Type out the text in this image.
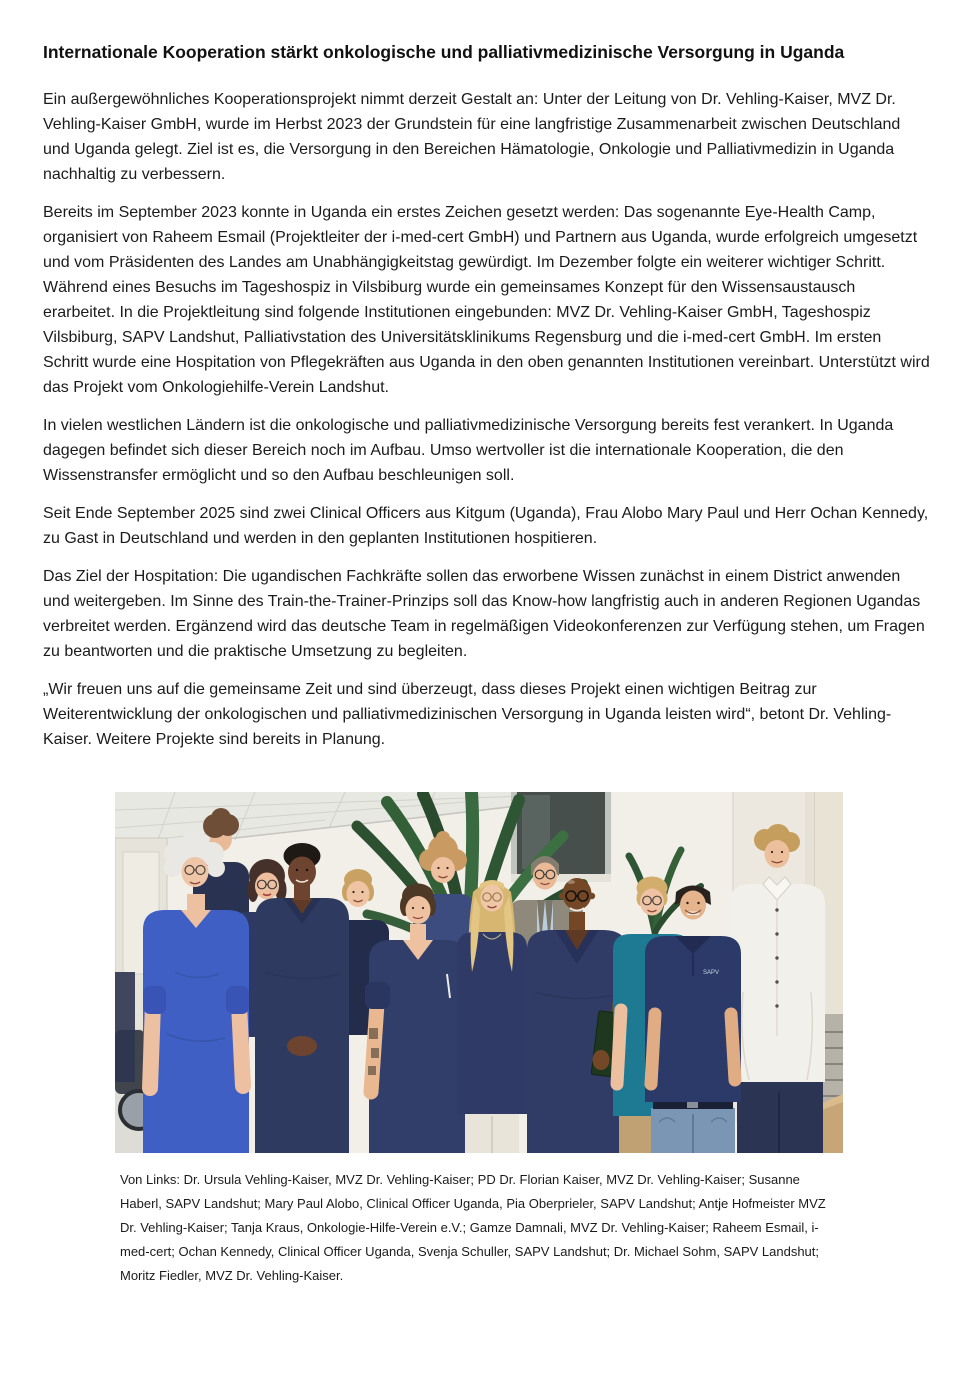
Internationale Kooperation stärkt onkologische und palliativmedizinische Versorgung in Uganda

Ein außergewöhnliches Kooperationsprojekt nimmt derzeit Gestalt an: Unter der Leitung von Dr. Vehling-Kaiser, MVZ Dr. Vehling-Kaiser GmbH, wurde im Herbst 2023 der Grundstein für eine langfristige Zusammenarbeit zwischen Deutschland und Uganda gelegt. Ziel ist es, die Versorgung in den Bereichen Hämatologie, Onkologie und Palliativmedizin in Uganda nachhaltig zu verbessern.

Bereits im September 2023 konnte in Uganda ein erstes Zeichen gesetzt werden: Das sogenannte Eye-Health Camp, organisiert von Raheem Esmail (Projektleiter der i-med-cert GmbH) und Partnern aus Uganda, wurde erfolgreich umgesetzt und vom Präsidenten des Landes am Unabhängigkeitstag gewürdigt. Im Dezember folgte ein weiterer wichtiger Schritt. Während eines Besuchs im Tageshospiz in Vilsbiburg wurde ein gemeinsames Konzept für den Wissensaustausch erarbeitet. In die Projektleitung sind folgende Institutionen eingebunden: MVZ Dr. Vehling-Kaiser GmbH, Tageshospiz Vilsbiburg, SAPV Landshut, Palliativstation des Universitätsklinikums Regensburg und die i-med-cert GmbH. Im ersten Schritt wurde eine Hospitation von Pflegekräften aus Uganda in den oben genannten Institutionen vereinbart. Unterstützt wird das Projekt vom Onkologiehilfe-Verein Landshut.

In vielen westlichen Ländern ist die onkologische und palliativmedizinische Versorgung bereits fest verankert. In Uganda dagegen befindet sich dieser Bereich noch im Aufbau. Umso wertvoller ist die internationale Kooperation, die den Wissenstransfer ermöglicht und so den Aufbau beschleunigen soll.

Seit Ende September 2025 sind zwei Clinical Officers aus Kitgum (Uganda), Frau Alobo Mary Paul und Herr Ochan Kennedy, zu Gast in Deutschland und werden in den geplanten Institutionen hospitieren.

Das Ziel der Hospitation: Die ugandischen Fachkräfte sollen das erworbene Wissen zunächst in einem District anwenden und weitergeben. Im Sinne des Train-the-Trainer-Prinzips soll das Know-how langfristig auch in anderen Regionen Ugandas verbreitet werden. Ergänzend wird das deutsche Team in regelmäßigen Videokonferenzen zur Verfügung stehen, um Fragen zu beantworten und die praktische Umsetzung zu begleiten.

„Wir freuen uns auf die gemeinsame Zeit und sind überzeugt, dass dieses Projekt einen wichtigen Beitrag zur Weiterentwicklung der onkologischen und palliativmedizinischen Versorgung in Uganda leisten wird“, betont Dr. Vehling-Kaiser. Weitere Projekte sind bereits in Planung.

SAPV
Von Links: Dr. Ursula Vehling-Kaiser, MVZ Dr. Vehling-Kaiser; PD Dr. Florian Kaiser, MVZ Dr. Vehling-Kaiser; Susanne Haberl, SAPV Landshut; Mary Paul Alobo, Clinical Officer Uganda, Pia Oberprieler, SAPV Landshut; Antje Hofmeister MVZ Dr. Vehling-Kaiser; Tanja Kraus, Onkologie-Hilfe-Verein e.V.; Gamze Damnali, MVZ Dr. Vehling-Kaiser; Raheem Esmail, i-med-cert; Ochan Kennedy, Clinical Officer Uganda, Svenja Schuller, SAPV Landshut; Dr. Michael Sohm, SAPV Landshut; Moritz Fiedler, MVZ Dr. Vehling-Kaiser.
